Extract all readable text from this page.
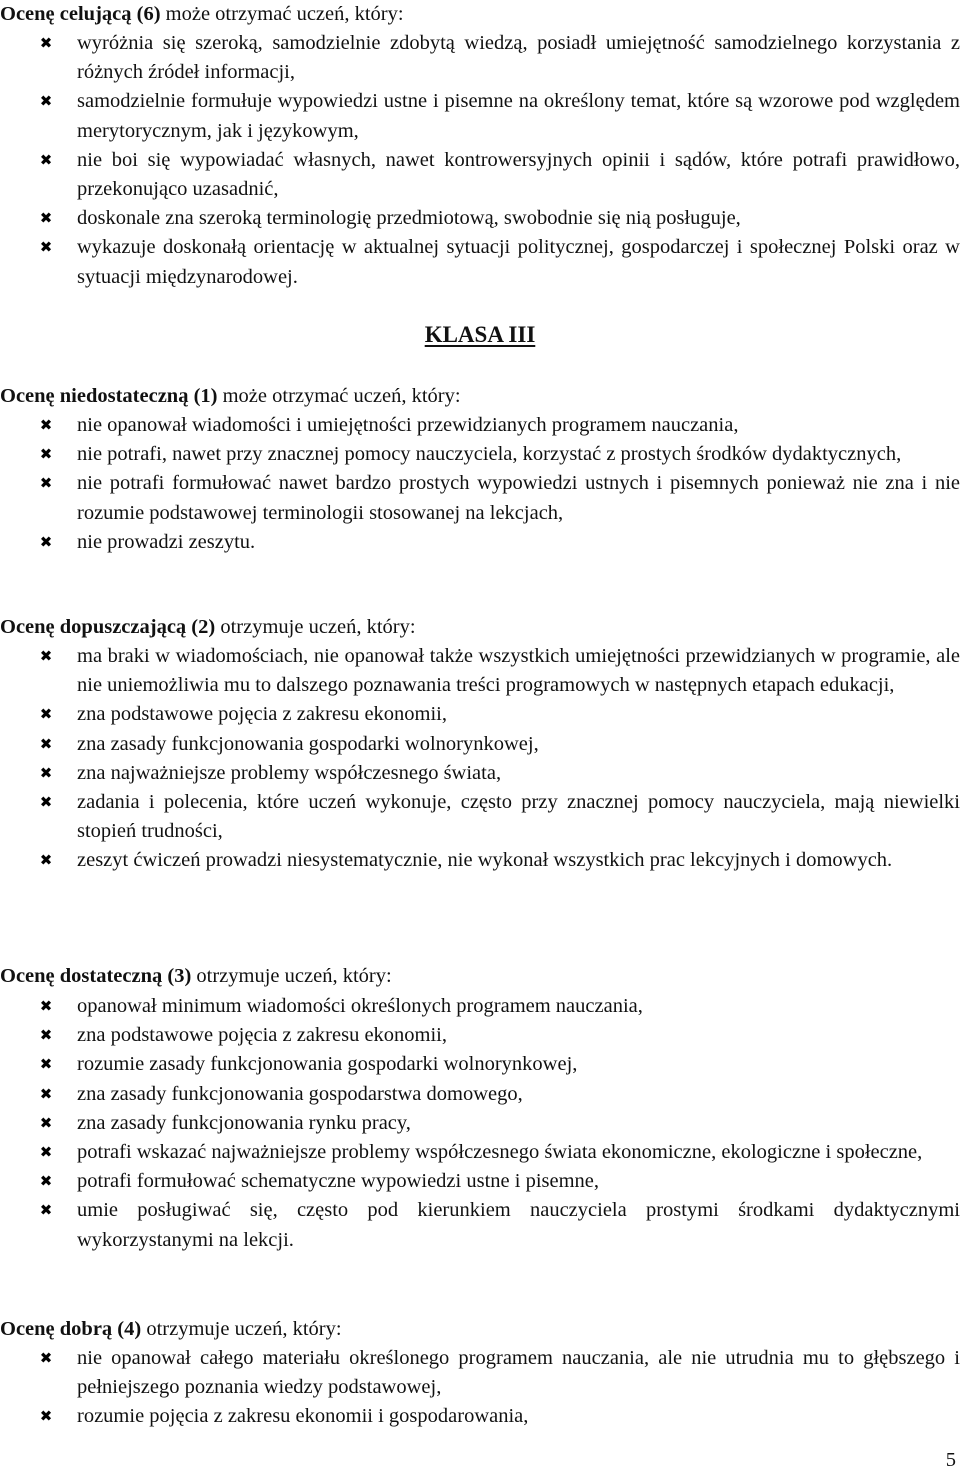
Ocenę celującą (6) może otrzymać uczeń, który:
✖ wyróżnia się szeroką, samodzielnie zdobytą wiedzą, posiadł umiejętność samodzielnego korzystania z różnych źródeł informacji,
✖ samodzielnie formułuje wypowiedzi ustne i pisemne na określony temat, które są wzorowe pod względem merytorycznym, jak i językowym,
✖ nie boi się wypowiadać własnych, nawet kontrowersyjnych opinii i sądów, które potrafi prawidłowo, przekonująco uzasadnić,
✖ doskonale zna szeroką terminologię przedmiotową, swobodnie się nią posługuje,
✖ wykazuje doskonałą orientację w aktualnej sytuacji politycznej, gospodarczej i społecznej Polski oraz w sytuacji międzynarodowej.
KLASA III
Ocenę niedostateczną (1) może otrzymać uczeń, który:
✖ nie opanował wiadomości i umiejętności przewidzianych programem nauczania,
✖ nie potrafi, nawet przy znacznej pomocy nauczyciela, korzystać z prostych środków dydaktycznych,
✖ nie potrafi formułować nawet bardzo prostych wypowiedzi ustnych i pisemnych ponieważ nie zna i nie rozumie podstawowej terminologii stosowanej na lekcjach,
✖ nie prowadzi zeszytu.
Ocenę dopuszczającą (2) otrzymuje uczeń, który:
✖ ma braki w wiadomościach, nie opanował także wszystkich umiejętności przewidzianych w programie, ale nie uniemożliwia mu to dalszego poznawania treści programowych w następnych etapach edukacji,
✖ zna podstawowe pojęcia z zakresu ekonomii,
✖ zna zasady funkcjonowania gospodarki wolnorynkowej,
✖ zna najważniejsze problemy współczesnego świata,
✖ zadania i polecenia, które uczeń wykonuje, często przy znacznej pomocy nauczyciela, mają niewielki stopień trudności,
✖ zeszyt ćwiczeń prowadzi niesystematycznie, nie wykonał wszystkich prac lekcyjnych i domowych.
Ocenę dostateczną (3) otrzymuje uczeń, który:
✖ opanował minimum wiadomości określonych programem nauczania,
✖ zna podstawowe pojęcia z zakresu ekonomii,
✖ rozumie zasady funkcjonowania gospodarki wolnorynkowej,
✖ zna zasady funkcjonowania gospodarstwa domowego,
✖ zna zasady funkcjonowania rynku pracy,
✖ potrafi wskazać najważniejsze problemy współczesnego świata ekonomiczne, ekologiczne i społeczne,
✖ potrafi formułować schematyczne wypowiedzi ustne i pisemne,
✖ umie posługiwać się, często pod kierunkiem nauczyciela prostymi środkami dydaktycznymi wykorzystanymi na lekcji.
Ocenę dobrą (4) otrzymuje uczeń, który:
✖ nie opanował całego materiału określonego programem nauczania, ale nie utrudnia mu to głębszego i pełniejszego poznania wiedzy podstawowej,
✖ rozumie pojęcia z zakresu ekonomii i gospodarowania,
5
